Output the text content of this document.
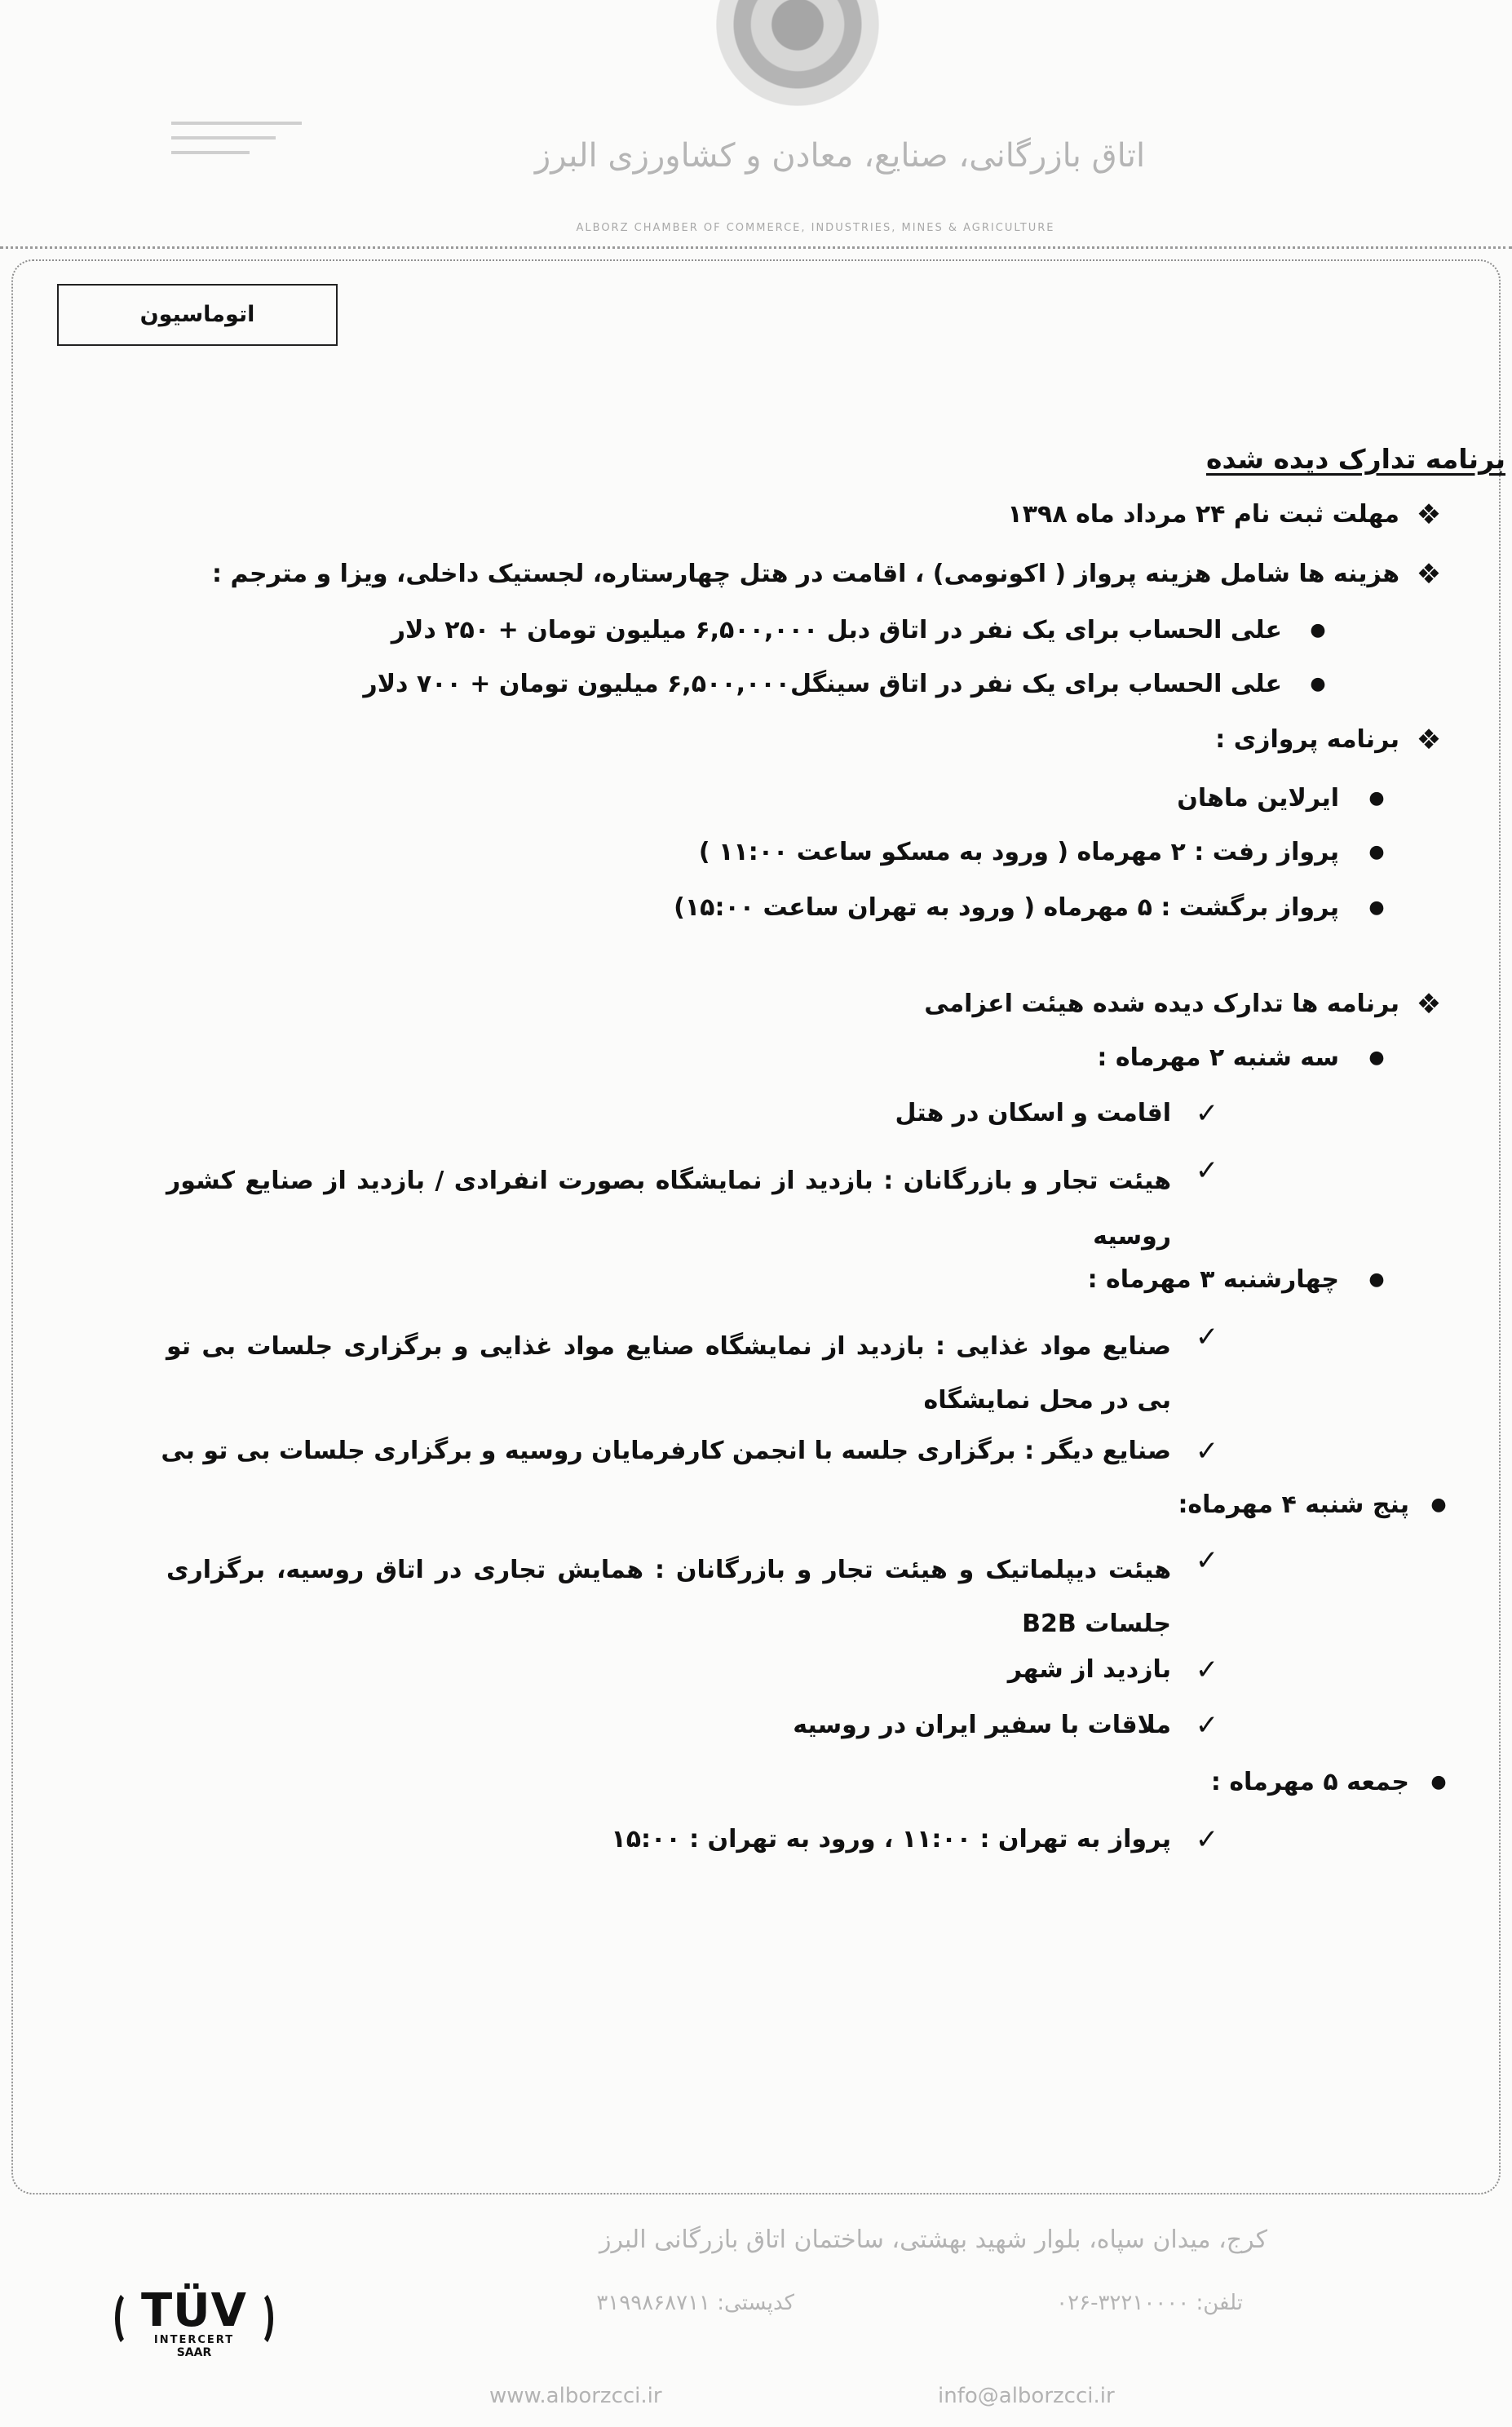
اتاق بازرگانی، صنایع، معادن و کشاورزی البرز
ALBORZ CHAMBER OF COMMERCE, INDUSTRIES, MINES & AGRICULTURE
اتوماسیون
برنامه تدارک دیده شده
❖
مهلت ثبت نام ۲۴ مرداد ماه ۱۳۹۸
❖
هزینه ها شامل هزینه پرواز ( اکونومی) ، اقامت در هتل چهارستاره، لجستیک داخلی، ویزا و مترجم :
●
علی الحساب برای یک نفر در اتاق دبل ۶,۵۰۰,۰۰۰ میلیون تومان + ۲۵۰ دلار
●
علی الحساب برای یک نفر در اتاق سینگل۶,۵۰۰,۰۰۰ میلیون تومان + ۷۰۰ دلار
❖
برنامه پروازی :
●
ایرلاین ماهان
●
پرواز رفت : ۲ مهرماه ( ورود به مسکو ساعت ۱۱:۰۰ )
●
پرواز برگشت : ۵ مهرماه ( ورود به تهران ساعت ۱۵:۰۰)
❖
برنامه ها تدارک دیده شده هیئت اعزامی
●
سه شنبه ۲ مهرماه :
✓
اقامت و اسکان در هتل
✓
هیئت تجار و بازرگانان : بازدید از نمایشگاه بصورت انفرادی / بازدید از صنایع کشور روسیه
●
چهارشنبه ۳ مهرماه :
✓
صنایع مواد غذایی : بازدید از نمایشگاه صنایع مواد غذایی و برگزاری جلسات بی تو بی در محل نمایشگاه
✓
صنایع دیگر : برگزاری جلسه با انجمن کارفرمایان روسیه و برگزاری جلسات بی تو بی
●
پنج شنبه ۴ مهرماه:
✓
هیئت دیپلماتیک و هیئت تجار و بازرگانان : همایش تجاری در اتاق روسیه، برگزاری جلسات B2B
✓
بازدید از شهر
✓
ملاقات با سفیر ایران در روسیه
●
جمعه ۵ مهرماه :
✓
پرواز به تهران : ۱۱:۰۰ ، ورود به تهران : ۱۵:۰۰
کرج، میدان سپاه، بلوار شهید بهشتی، ساختمان اتاق بازرگانی البرز
تلفن: ۳۲۲۱۰۰۰۰-۰۲۶
کدپستی: ۳۱۹۹۸۶۸۷۱۱
info@alborzcci.ir
www.alborzcci.ir
TÜV
INTERCERT
SAAR
